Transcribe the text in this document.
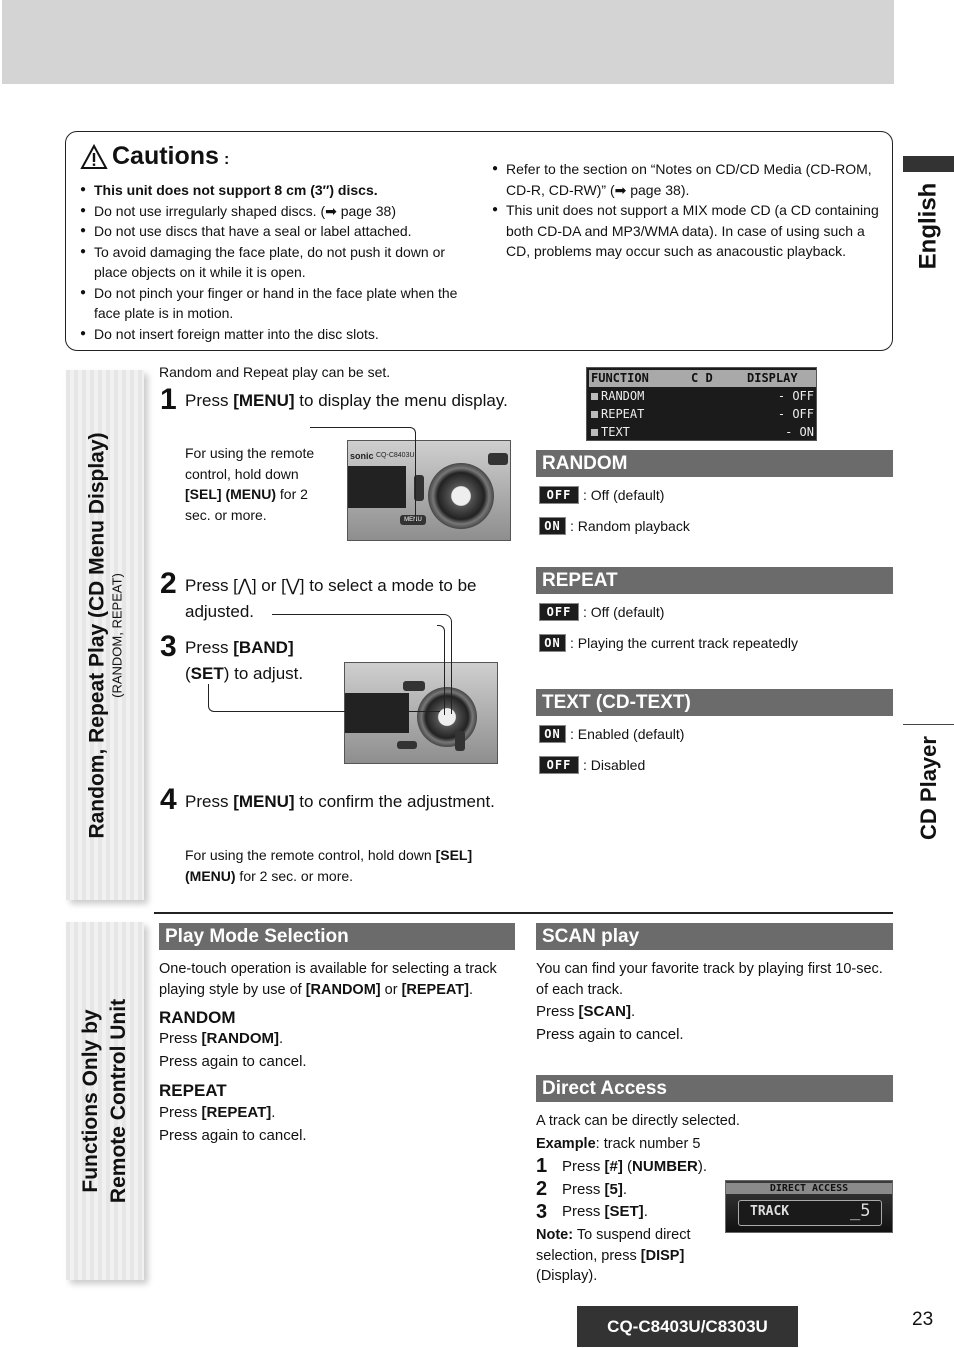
Cautions :
● This unit does not support 8 cm (3″) discs.
● Do not use irregularly shaped discs. (➡ page 38)
● Do not use discs that have a seal or label attached.
● To avoid damaging the face plate, do not push it down or place objects on it while it is open.
● Do not pinch your finger or hand in the face plate when the face plate is in motion.
● Do not insert foreign matter into the disc slots.
● Refer to the section on “Notes on CD/CD Media (CD-ROM, CD-R, CD-RW)” (➡ page 38).
● This unit does not support a MIX mode CD (a CD containing both CD-DA and MP3/WMA data). In case of using such a CD, problems may occur such as anacoustic playback.	English
CD Player
Random, Repeat Play (CD Menu Display) (RANDOM, REPEAT)
Random and Repeat play can be set.
1 Press [MENU] to display the menu display.
For using the remote control, hold down [SEL] (MENU) for 2 sec. or more.
sonic CQ-C8403U
MENU
2 Press [⋀] or [⋁] to select a mode to be adjusted.
3 Press [BAND]
(SET) to adjust.
4 Press [MENU] to confirm the adjustment.
For using the remote control, hold down [SEL] (MENU) for 2 sec. or more.
FUNCTION	C D	DISPLAY
RANDOM	- OFF
REPEAT	- OFF
TEXT	- ON
RANDOM
OFF : Off (default)
ON : Random playback
REPEAT
OFF : Off (default)
ON : Playing the current track repeatedly
TEXT (CD-TEXT)
ON : Enabled (default)
OFF : Disabled
Functions Only by Remote Control Unit
Play Mode Selection
One-touch operation is available for selecting a track playing style by use of [RANDOM] or [REPEAT].
RANDOM
Press [RANDOM].
Press again to cancel.
REPEAT
Press [REPEAT].
Press again to cancel.
SCAN play
You can find your favorite track by playing first 10-sec. of each track.
Press [SCAN].
Press again to cancel.
Direct Access
A track can be directly selected.
Example: track number 5
1 Press [#] (NUMBER).
2 Press [5].
3 Press [SET].
Note: To suspend direct selection, press [DISP] (Display).
DIRECT ACCESS
TRACK	_5
CQ-C8403U/C8303U	23
